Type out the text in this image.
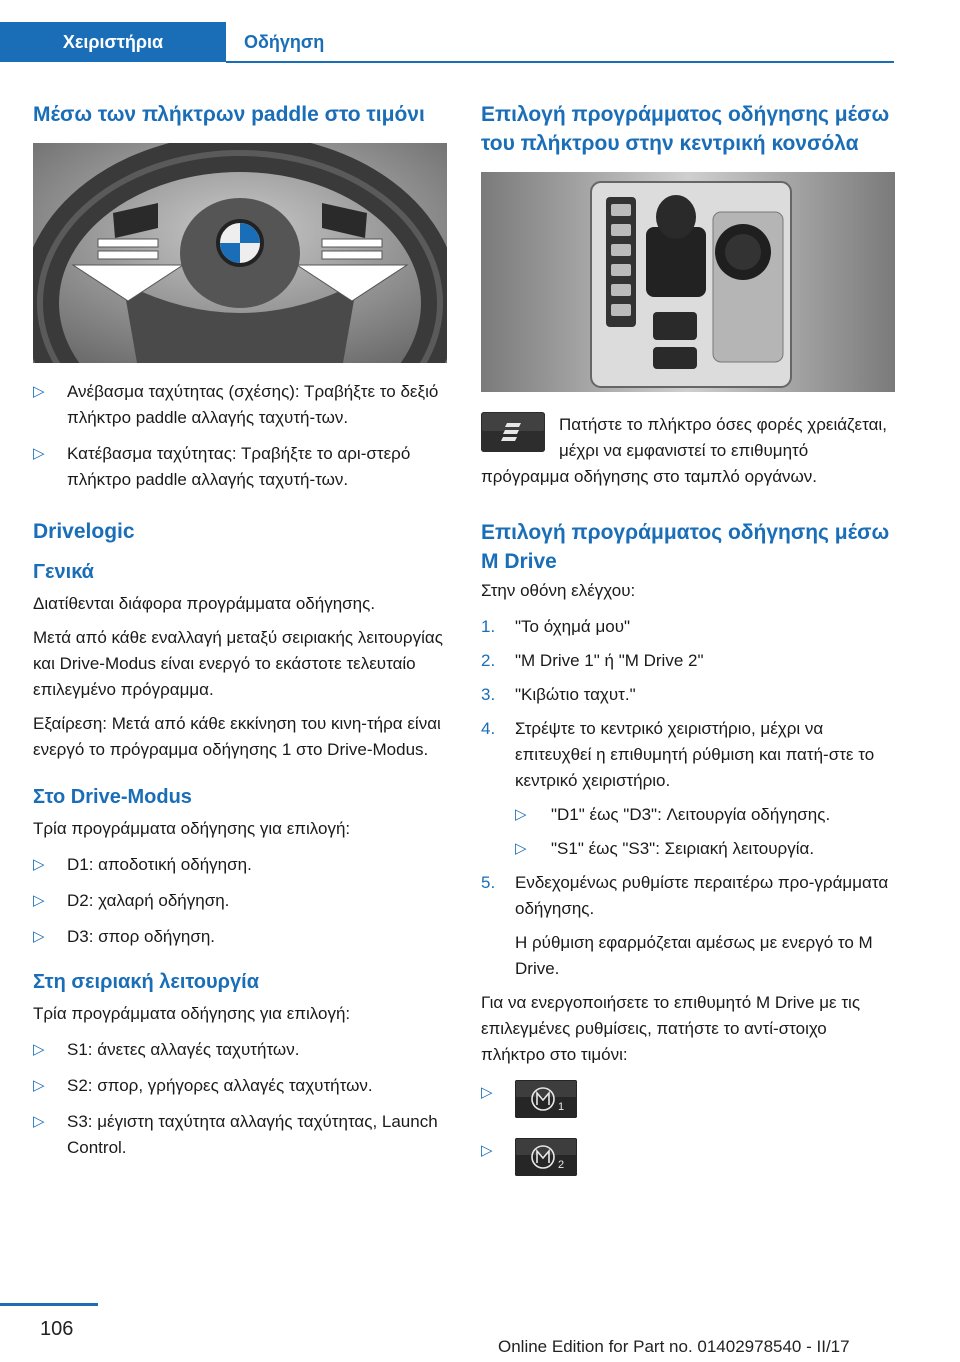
Χειριστήρια	Οδήγηση
Μέσω των πλήκτρων paddle στο τιμόνι
▷ Ανέβασμα ταχύτητας (σχέσης): Τραβήξτε το δεξιό πλήκτρο paddle αλλαγής ταχυτή-των.
▷ Κατέβασμα ταχύτητας: Τραβήξτε το αρι-στερό πλήκτρο paddle αλλαγής ταχυτή-των.
Drivelogic
Γενικά

Διατίθενται διάφορα προγράμματα οδήγησης.

Μετά από κάθε εναλλαγή μεταξύ σειριακής λειτουργίας και Drive-Modus είναι ενεργό το εκάστοτε τελευταίο επιλεγμένο πρόγραμμα.

Εξαίρεση: Μετά από κάθε εκκίνηση του κινη-τήρα είναι ενεργό το πρόγραμμα οδήγησης 1 στο Drive-Modus.

Στο Drive-Modus

Τρία προγράμματα οδήγησης για επιλογή:

▷ D1: αποδοτική οδήγηση.
▷ D2: χαλαρή οδήγηση.
▷ D3: σπορ οδήγηση.
Στη σειριακή λειτουργία

Τρία προγράμματα οδήγησης για επιλογή:

▷ S1: άνετες αλλαγές ταχυτήτων.
▷ S2: σπορ, γρήγορες αλλαγές ταχυτήτων.
▷ S3: μέγιστη ταχύτητα αλλαγής ταχύτητας, Launch Control.
Επιλογή προγράμματος οδήγησης μέσω του πλήκτρου στην κεντρική κονσόλα

Πατήστε το πλήκτρο όσες φορές χρειάζεται, μέχρι να εμφανιστεί το επιθυμητό πρόγραμμα οδήγησης στο ταμπλό οργάνων.

Επιλογή προγράμματος οδήγησης μέσω M Drive

Στην οθόνη ελέγχου:

1. "Το όχημά μου"
2. "M Drive 1" ή "M Drive 2"
3. "Κιβώτιο ταχυτ."
4. Στρέψτε το κεντρικό χειριστήριο, μέχρι να επιτευχθεί η επιθυμητή ρύθμιση και πατή-στε το κεντρικό χειριστήριο.
▷ "D1" έως "D3": Λειτουργία οδήγησης.
▷ "S1" έως "S3": Σειριακή λειτουργία.
5. Ενδεχομένως ρυθμίστε περαιτέρω προ-γράμματα οδήγησης.

Η ρύθμιση εφαρμόζεται αμέσως με ενεργό το M Drive.

Για να ενεργοποιήσετε το επιθυμητό M Drive με τις επιλεγμένες ρυθμίσεις, πατήστε το αντί-στοιχο πλήκτρο στο τιμόνι:

▷
1
▷
2
106
Online Edition for Part no. 01402978540 - II/17
